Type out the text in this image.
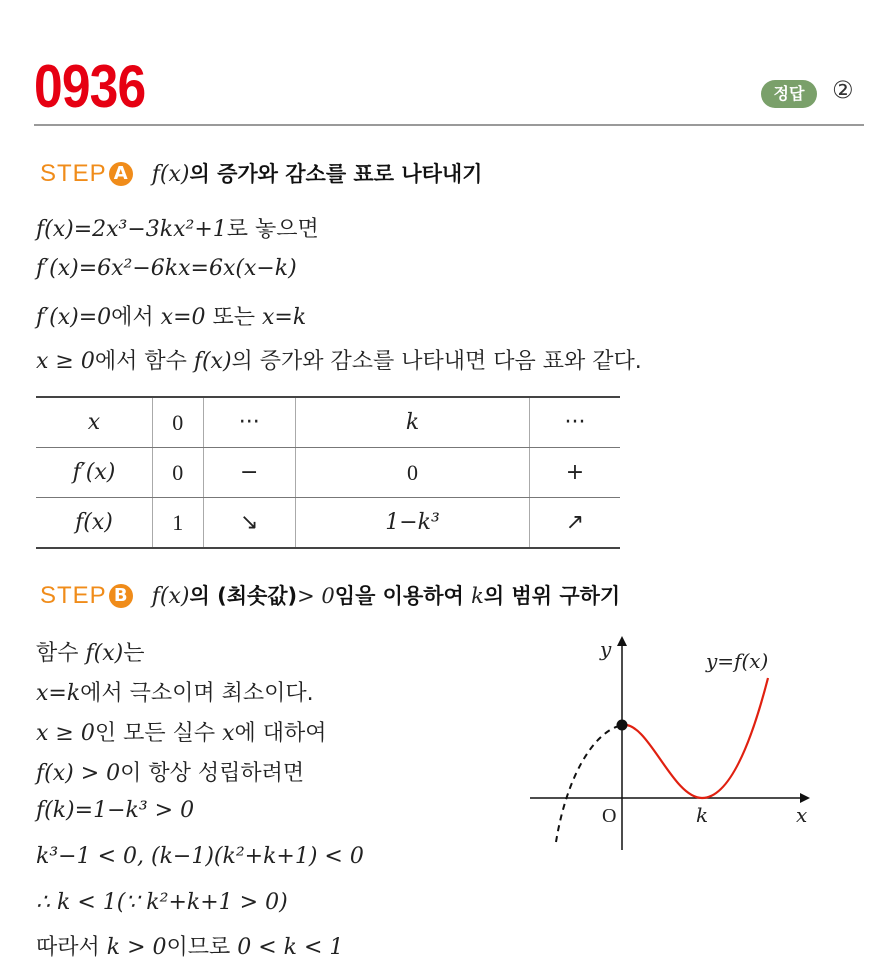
0936	정답	②
STEP A f(x)의 증가와 감소를 표로 나타내기
f(x)=2x³−3kx²+1로 놓으면
f′(x)=6x²−6kx=6x(x−k)
f′(x)=0에서 x=0 또는 x=k
x ≥ 0에서 함수 f(x)의 증가와 감소를 나타내면 다음 표와 같다.
x	0	···	k	···
f′(x)	0	−	0	+
f(x)	1	↘	1−k³	↗
STEP B f(x)의 (최솟값)> 0임을 이용하여 k의 범위 구하기
함수 f(x)는
x=k에서 극소이며 최소이다.
x ≥ 0인 모든 실수 x에 대하여
f(x) > 0이 항상 성립하려면
f(k)=1−k³ > 0
k³−1 < 0, (k−1)(k²+k+1) < 0
∴ k < 1(∵ k²+k+1 > 0)
따라서 k > 0이므로 0 < k < 1
y
x
O	k
y=f(x)
